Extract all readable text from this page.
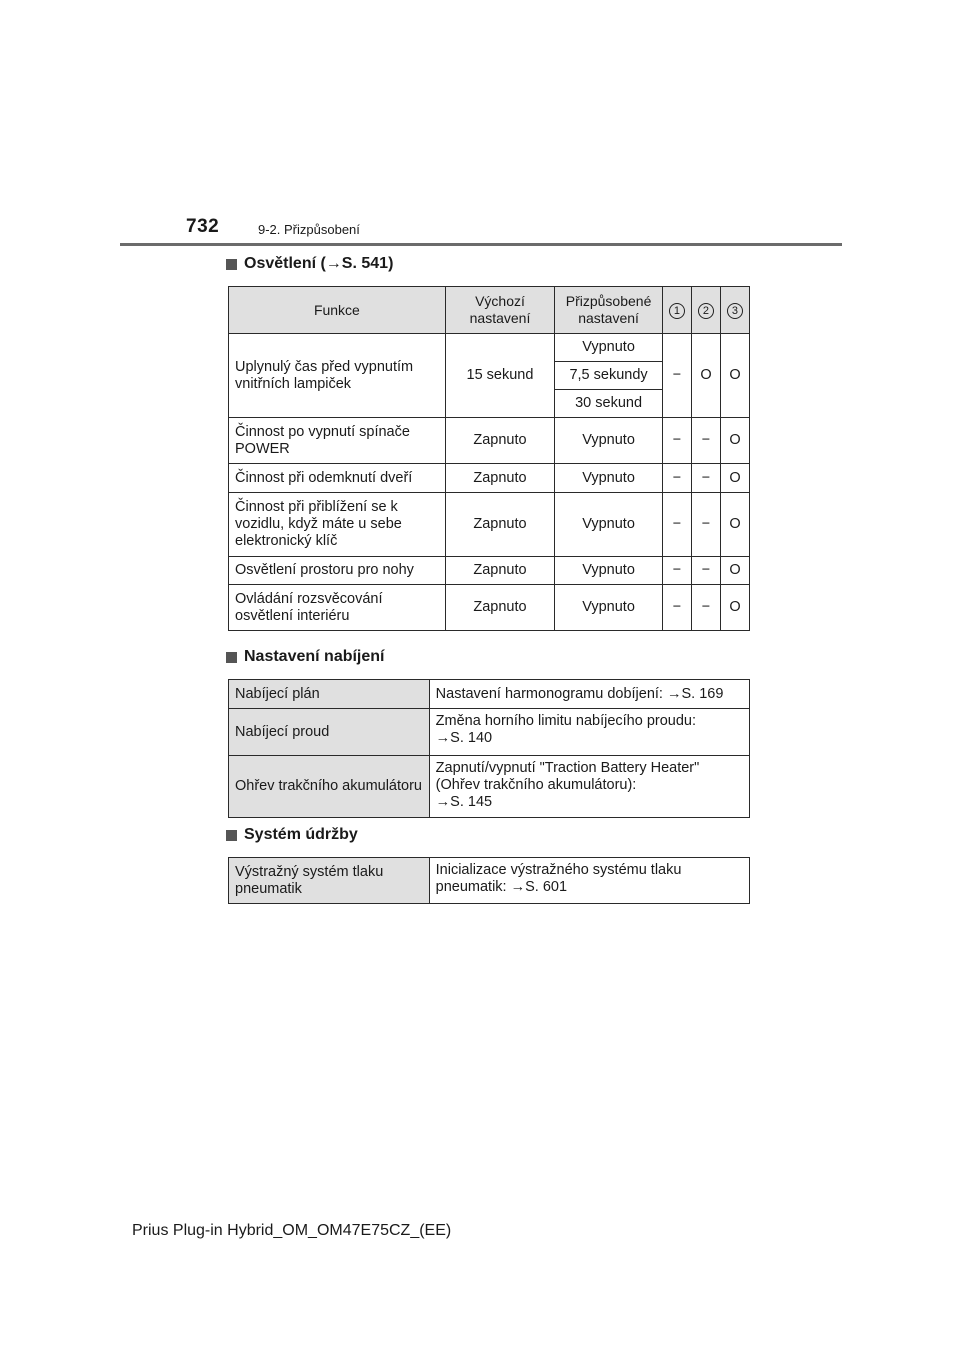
732	9-2. Přizpůsobení
Osvětlení (→S. 541)
Funkce	Výchozí nastavení	Přizpůsobené nastavení	1	2	3
Uplynulý čas před vypnutím vnitřních lampiček	15 sekund	Vypnuto	−	O	O
		7,5 sekundy			
		30 sekund			
Činnost po vypnutí spínače POWER	Zapnuto	Vypnuto	−	−	O
Činnost při odemknutí dveří	Zapnuto	Vypnuto	−	−	O
Činnost při přiblížení se k vozidlu, když máte u sebe elektronický klíč	Zapnuto	Vypnuto	−	−	O
Osvětlení prostoru pro nohy	Zapnuto	Vypnuto	−	−	O
Ovládání rozsvěcování osvětlení interiéru	Zapnuto	Vypnuto	−	−	O
Nastavení nabíjení
Nabíjecí plán	Nastavení harmonogramu dobíjení: →S. 169
Nabíjecí proud	Změna horního limitu nabíjecího proudu:
→S. 140

Ohřev trakčního akumulátoru	Zapnutí/vypnutí "Traction Battery Heater"
(Ohřev trakčního akumulátoru):
→S. 145
Systém údržby
Výstražný systém tlaku pneumatik	Inicializace výstražného systému tlaku pneumatik: →S. 601
Prius Plug-in Hybrid_OM_OM47E75CZ_(EE)
